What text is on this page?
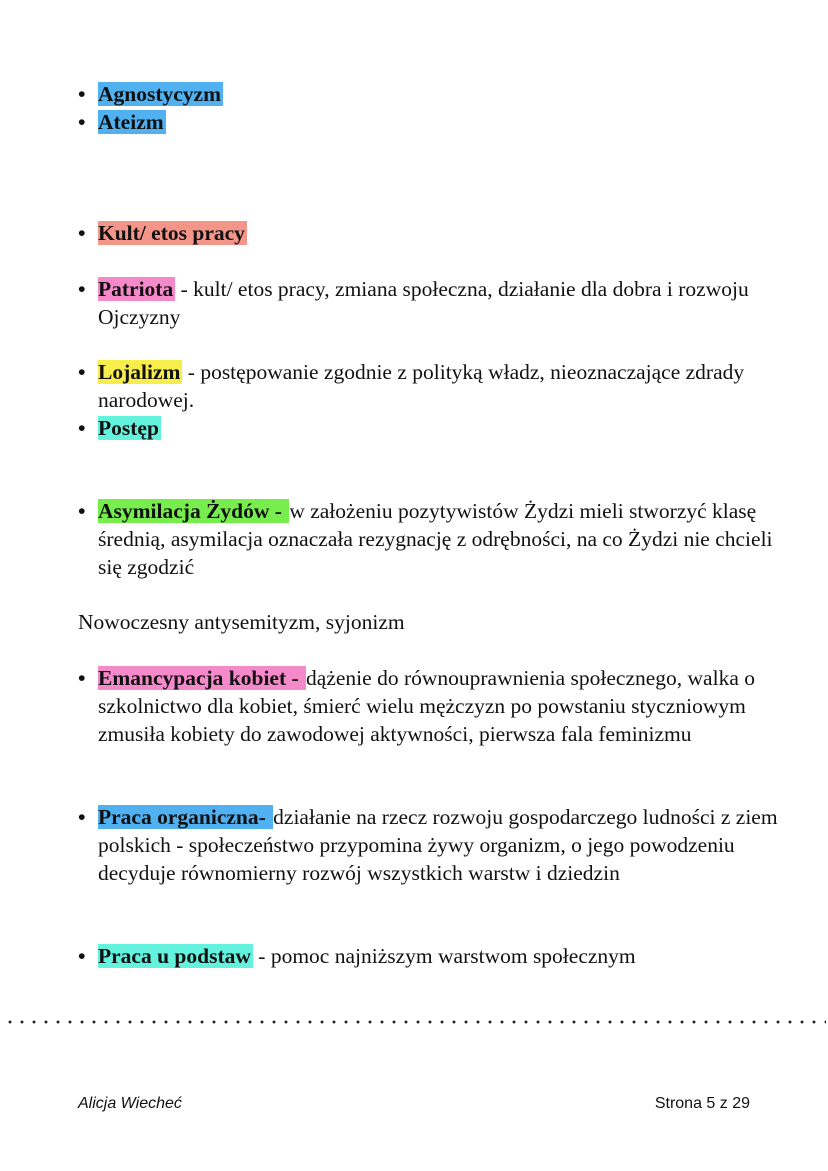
• Agnostycyzm
• Ateizm
• Kult/ etos pracy
• Patriota - kult/ etos pracy, zmiana społeczna, działanie dla dobra i rozwoju Ojczyzny
• Lojalizm - postępowanie zgodnie z polityką władz, nieoznaczające zdrady narodowej.
• Postęp
• Asymilacja Żydów - w założeniu pozytywistów Żydzi mieli stworzyć klasę średnią, asymilacja oznaczała rezygnację z odrębności, na co Żydzi nie chcieli się zgodzić
Nowoczesny antysemityzm, syjonizm
• Emancypacja kobiet - dążenie do równouprawnienia społecznego, walka o szkolnictwo dla kobiet, śmierć wielu mężczyzn po powstaniu styczniowym zmusiła kobiety do zawodowej aktywności, pierwsza fala feminizmu
• Praca organiczna- działanie na rzecz rozwoju gospodarczego ludności z ziem polskich - społeczeństwo przypomina żywy organizm, o jego powodzeniu decyduje równomierny rozwój wszystkich warstw i dziedzin
• Praca u podstaw - pomoc najniższym warstwom społecznym
Alicja Wiecheć	Strona 5 z 29
